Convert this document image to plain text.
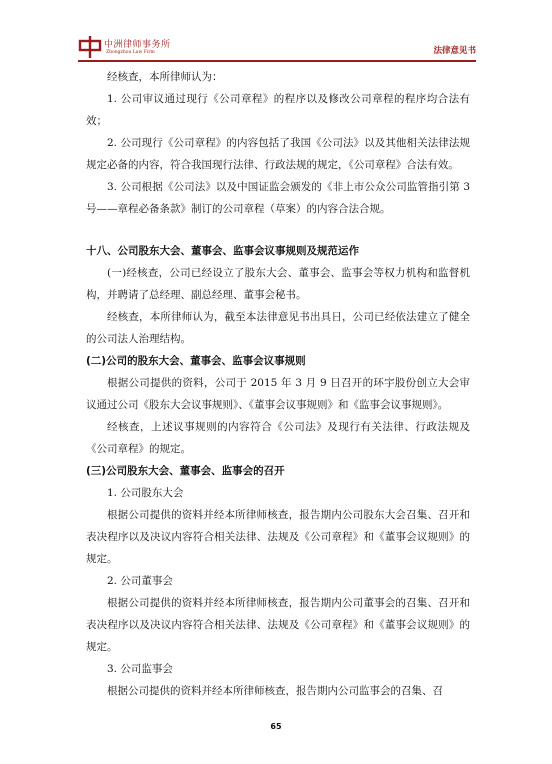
中洲律师事务所
Zhongzhou Law Firm	法律意见书

经核查，本所律师认为：

1. 公司审议通过现行《公司章程》的程序以及修改公司章程的程序均合法有效；

2. 公司现行《公司章程》的内容包括了我国《公司法》以及其他相关法律法规规定必备的内容，符合我国现行法律、行政法规的规定，《公司章程》合法有效。

3. 公司根据《公司法》以及中国证监会颁发的《非上市公众公司监管指引第 3 号——章程必备条款》制订的公司章程（草案）的内容合法合规。

十八、公司股东大会、董事会、监事会议事规则及规范运作

(一)经核查，公司已经设立了股东大会、董事会、监事会等权力机构和监督机构，并聘请了总经理、副总经理、董事会秘书。

经核查，本所律师认为，截至本法律意见书出具日，公司已经依法建立了健全的公司法人治理结构。

(二)公司的股东大会、董事会、监事会议事规则

根据公司提供的资料，公司于 2015 年 3 月 9 日召开的环宇股份创立大会审议通过公司《股东大会议事规则》、《董事会议事规则》和《监事会议事规则》。

经核查，上述议事规则的内容符合《公司法》及现行有关法律、行政法规及《公司章程》的规定。

(三)公司股东大会、董事会、监事会的召开

1. 公司股东大会

根据公司提供的资料并经本所律师核查，报告期内公司股东大会召集、召开和表决程序以及决议内容符合相关法律、法规及《公司章程》和《董事会议规则》的规定。

2. 公司董事会

根据公司提供的资料并经本所律师核查，报告期内公司董事会的召集、召开和表决程序以及决议内容符合相关法律、法规及《公司章程》和《董事会议规则》的规定。

3. 公司监事会

根据公司提供的资料并经本所律师核查，报告期内公司监事会的召集、召

65
